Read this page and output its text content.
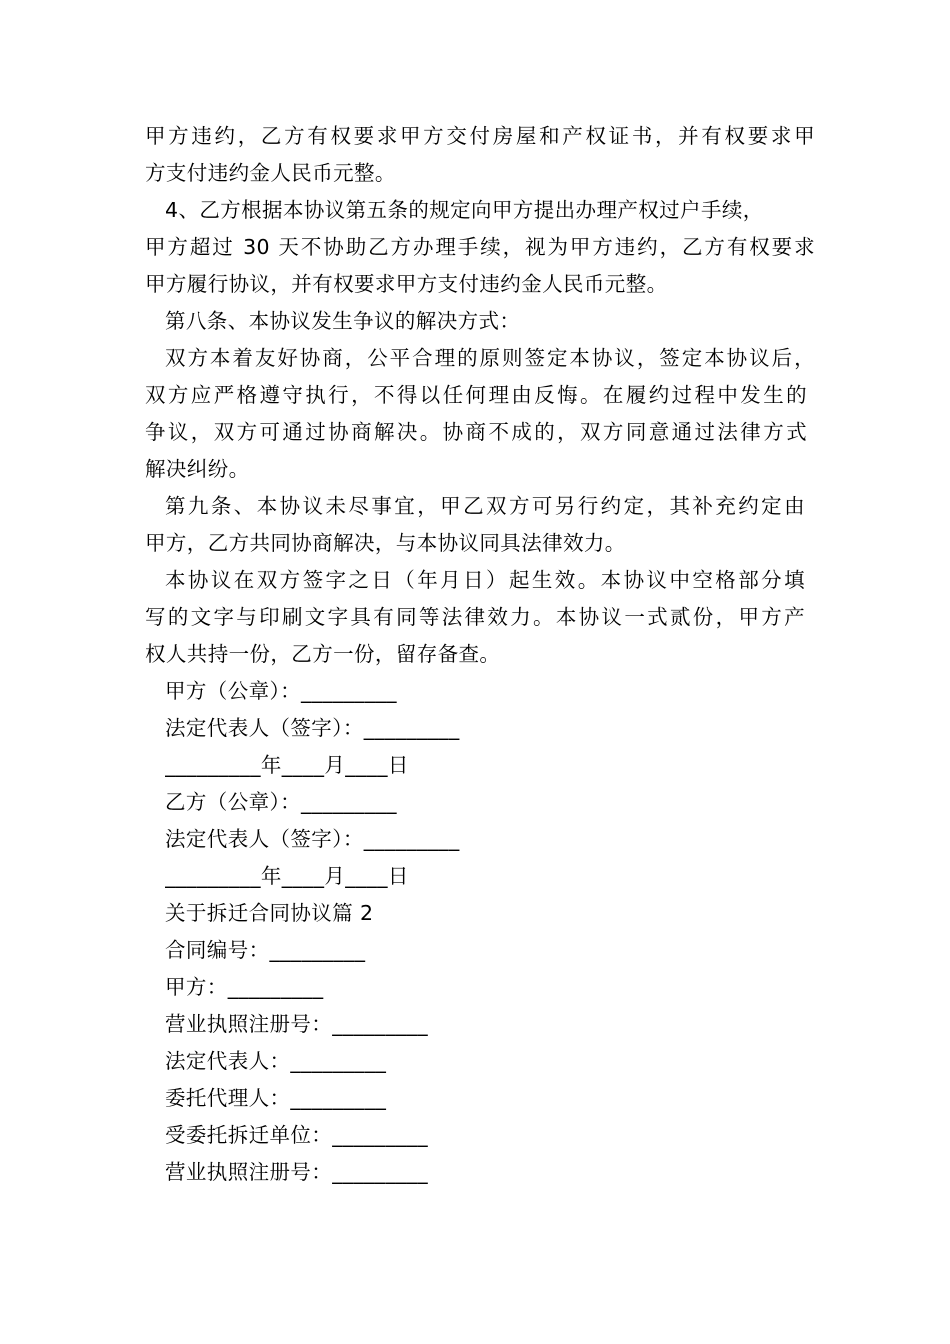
甲方违约，乙方有权要求甲方交付房屋和产权证书，并有权要求甲
方支付违约金人民币元整。
4、乙方根据本协议第五条的规定向甲方提出办理产权过户手续，
甲方超过 30 天不协助乙方办理手续，视为甲方违约，乙方有权要求
甲方履行协议，并有权要求甲方支付违约金人民币元整。
第八条、本协议发生争议的解决方式：
双方本着友好协商，公平合理的原则签定本协议，签定本协议后，
双方应严格遵守执行，不得以任何理由反悔。在履约过程中发生的
争议，双方可通过协商解决。协商不成的，双方同意通过法律方式
解决纠纷。
第九条、本协议未尽事宜，甲乙双方可另行约定，其补充约定由
甲方，乙方共同协商解决，与本协议同具法律效力。
本协议在双方签字之日（年月日）起生效。本协议中空格部分填
写的文字与印刷文字具有同等法律效力。本协议一式贰份，甲方产
权人共持一份，乙方一份，留存备查。
甲方（公章）：_________
法定代表人（签字）：_________
_________年____月____日
乙方（公章）：_________
法定代表人（签字）：_________
_________年____月____日
关于拆迁合同协议篇 2
合同编号：_________
甲方：_________
营业执照注册号：_________
法定代表人：_________
委托代理人：_________
受委托拆迁单位：_________
营业执照注册号：_________
